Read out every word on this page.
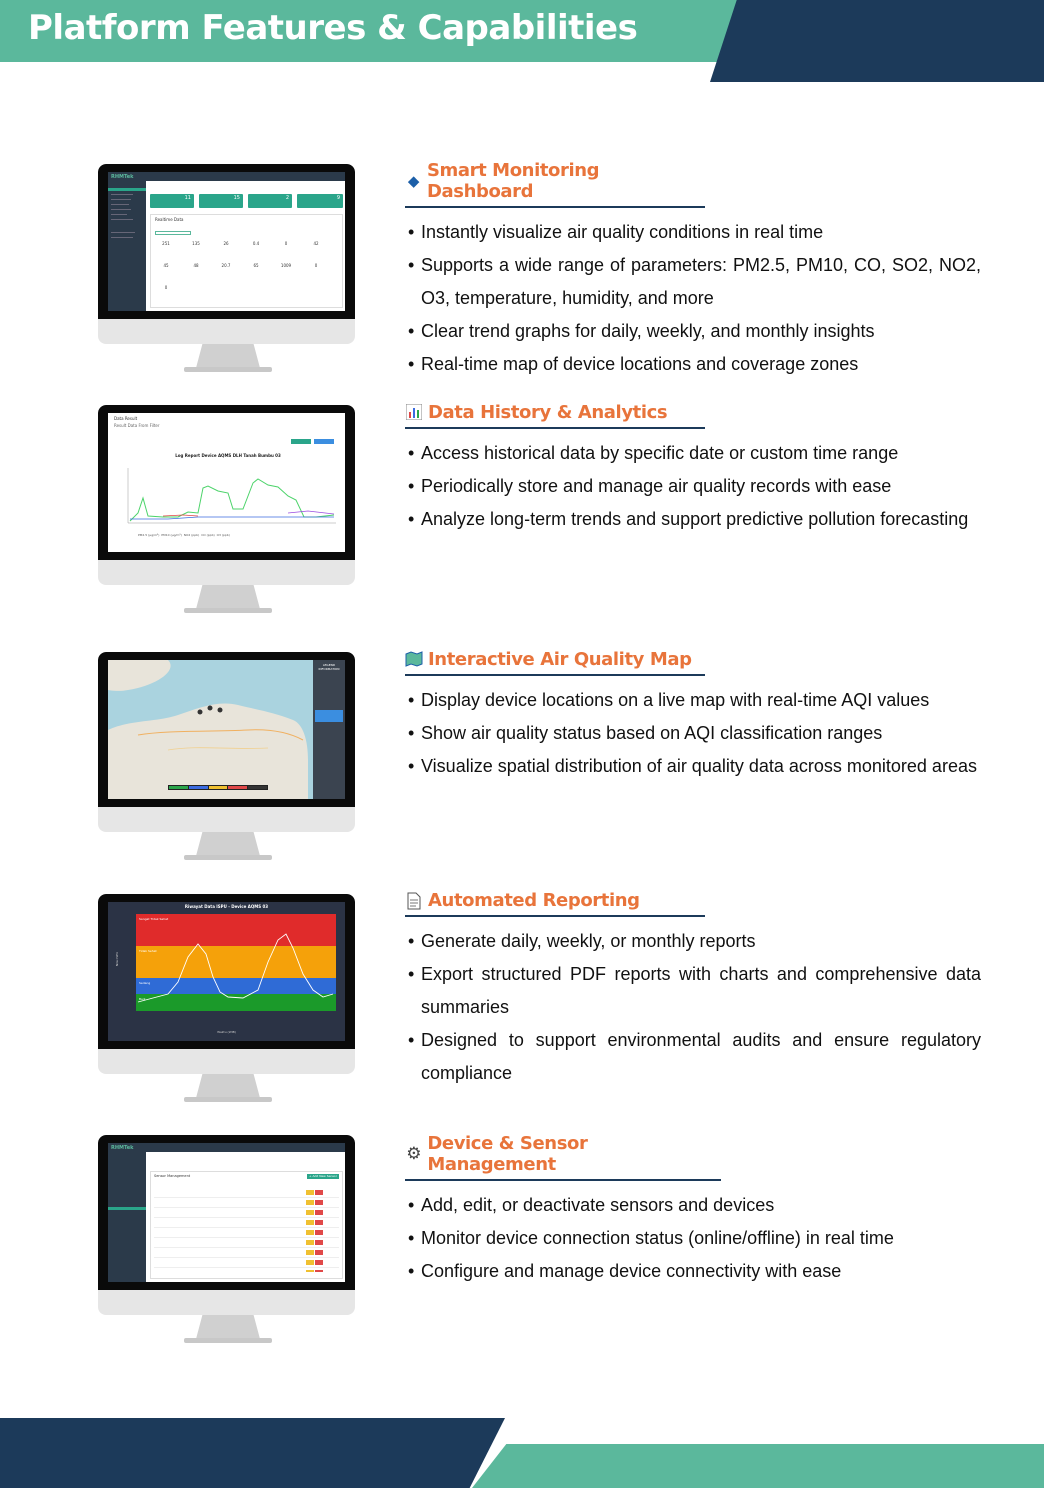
Platform Features & Capabilities
RHMTek
11	15	2	9
Realtime Data
251	135	26	0.4	0	42
45	48	20.7	65	1009	0
0
Data Result
Result Data From Filter
Log Report Device AQMS DLH Tanah Bumbu 03
PM2.5 (µg/m³) PM10 (µg/m³) NO2 (ppb) CO (ppb) O3 (ppb)
LEGEND INFORMATION
Riwayat Data ISPU - Device AQMS 03
Sangat Tidak Sehat
Tidak Sehat
Sedang
Baik
Waktu (WIB)
Nilai ISPU
RHMTek
Sensor Management	+ Add New Sensor
◆ Smart Monitoring Dashboard
• Instantly visualize air quality conditions in real time
• Supports a wide range of parameters: PM2.5, PM10, CO, SO2, NO2, O3, temperature, humidity, and more
• Clear trend graphs for daily, weekly, and monthly insights
• Real-time map of device locations and coverage zones
Data History & Analytics
• Access historical data by specific date or custom time range
• Periodically store and manage air quality records with ease
• Analyze long-term trends and support predictive pollution forecasting
Interactive Air Quality Map
• Display device locations on a live map with real-time AQI values
• Show air quality status based on AQI classification ranges
• Visualize spatial distribution of air quality data across monitored areas
Automated Reporting
• Generate daily, weekly, or monthly reports
• Export structured PDF reports with charts and comprehensive data summaries
• Designed to support environmental audits and ensure regulatory compliance
⚙ Device & Sensor Management
• Add, edit, or deactivate sensors and devices
• Monitor device connection status (online/offline) in real time
• Configure and manage device connectivity with ease
